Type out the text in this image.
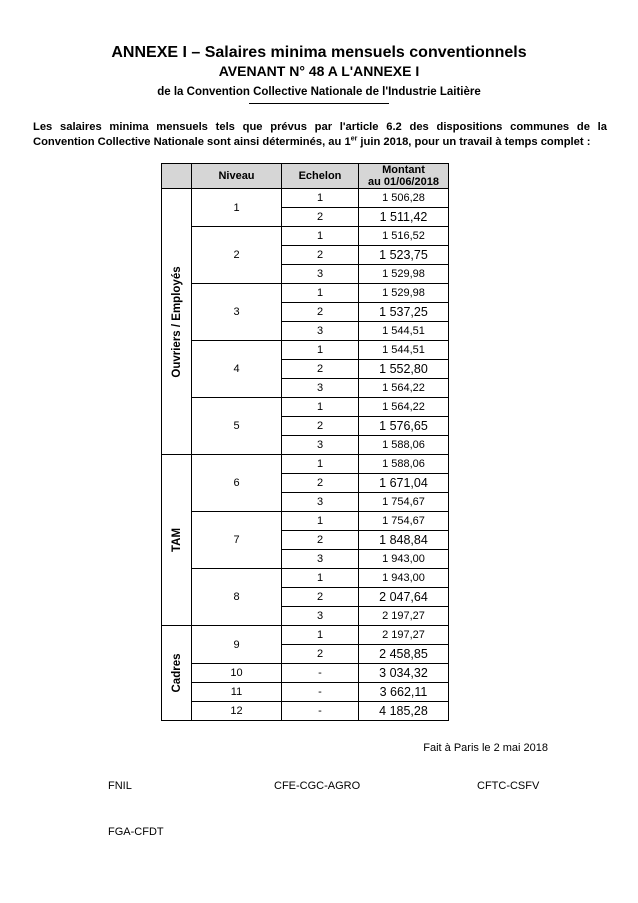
ANNEXE I – Salaires minima mensuels conventionnels
AVENANT N° 48 A L'ANNEXE I
de la Convention Collective Nationale de l'Industrie Laitière
Les salaires minima mensuels tels que prévus par l'article 6.2 des dispositions communes de la Convention Collective Nationale sont ainsi déterminés, au 1er juin 2018, pour un travail à temps complet :
	Niveau	Echelon	Montant
au 01/06/2018

Ouvriers / Employés	1	1	1 506,28
		2	1 511,42
	2	1	1 516,52
		2	1 523,75
		3	1 529,98
	3	1	1 529,98
		2	1 537,25
		3	1 544,51
	4	1	1 544,51
		2	1 552,80
		3	1 564,22
	5	1	1 564,22
		2	1 576,65
		3	1 588,06

TAM	6	1	1 588,06
		2	1 671,04
		3	1 754,67
	7	1	1 754,67
		2	1 848,84
		3	1 943,00
	8	1	1 943,00
		2	2 047,64
		3	2 197,27

Cadres	9	1	2 197,27
		2	2 458,85
	10	-	3 034,32
	11	-	3 662,11
	12	-	4 185,28
Fait à Paris le 2 mai 2018
FNIL	CFE-CGC-AGRO	CFTC-CSFV
FGA-CFDT
